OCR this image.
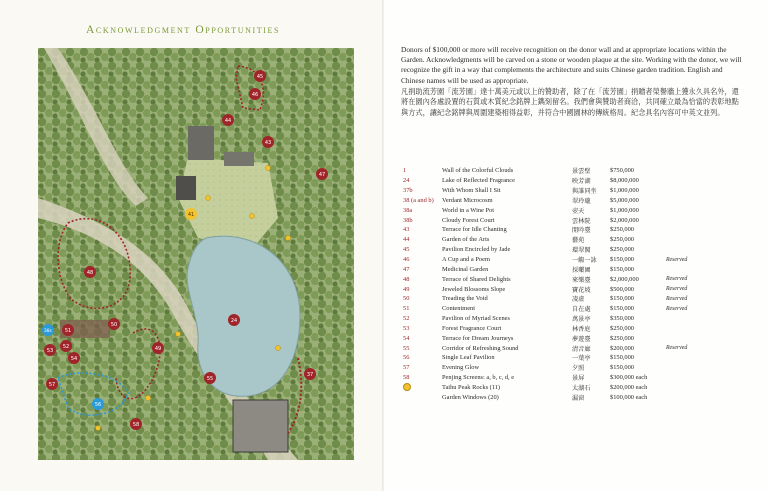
Acknowledgment Opportunities
45
46
44
43
47
24
41
48
38c	51
50
49
52
53
54
57
55
56
58
37

Donors of $100,000 or more will receive recognition on the donor wall and at appropriate locations within the Garden. Acknowledgments will be carved on a stone or wooden plaque at the site. Working with the donor, we will recognize the gift in a way that complements the architecture and suits Chinese garden tradition. English and Chinese names will be used as appropriate.

凡捐助流芳園「流芳園」達十萬美元或以上的贊助者，除了在「流芳園」捐贈者榮譽牆上獲永久具名外，還將在園內各處設置的石質或木質紀念銘牌上鐫刻留名。我們會與贊助者商洽，共同確立最為恰當的表彰地點與方式，讓紀念銘牌與周圍建築相得益彰，并符合中國園林的傳統格局。紀念具名內容可中英文並列。

1	Wall of the Colorful Clouds	景雲壁	$750,000	
24	Lake of Reflected Fragrance	映芳湖	$8,000,000	
37b	With Whom Shall I Sit	與誰同坐	$1,000,000	
38 (a and b)	Verdant Microcosm	翠玲瓏	$5,000,000	
38a	World in a Wine Pot	壺天	$1,000,000	
38b	Cloudy Forest Court	雲林院	$2,000,000	
43	Terrace for Idle Chanting	閒吟臺	$250,000	
44	Garden of the Arts	藝苑	$250,000	
45	Pavilion Encircled by Jade	環翠閣	$250,000	
46	A Cup and a Poem	一觴一詠	$150,000	Reserved
47	Medicinal Garden	採藥圃	$150,000	
48	Terrace of Shared Delights	來樂臺	$2,000,000	Reserved
49	Jeweled Blossoms Slope	寶花坡	$500,000	Reserved
50	Treading the Void	凌虛	$150,000	Reserved
51	Contentment	自在處	$150,000	Reserved
52	Pavilion of Myriad Scenes	萬景亭	$350,000	
53	Forest Fragrance Court	林香庭	$250,000	
54	Terrace for Dream Journeys	夢遊臺	$250,000	
55	Corridor of Refreshing Sound	清音廊	$200,000	Reserved
56	Single Leaf Pavilion	一葉亭	$150,000	
57	Evening Glow	夕照	$150,000	
58	Penjing Screens: a, b, c, d, e	景屏	$300,000 each	
	Taihu Peak Rocks (11)	太湖石	$200,000 each	
	Garden Windows (20)	漏窗	$100,000 each	
